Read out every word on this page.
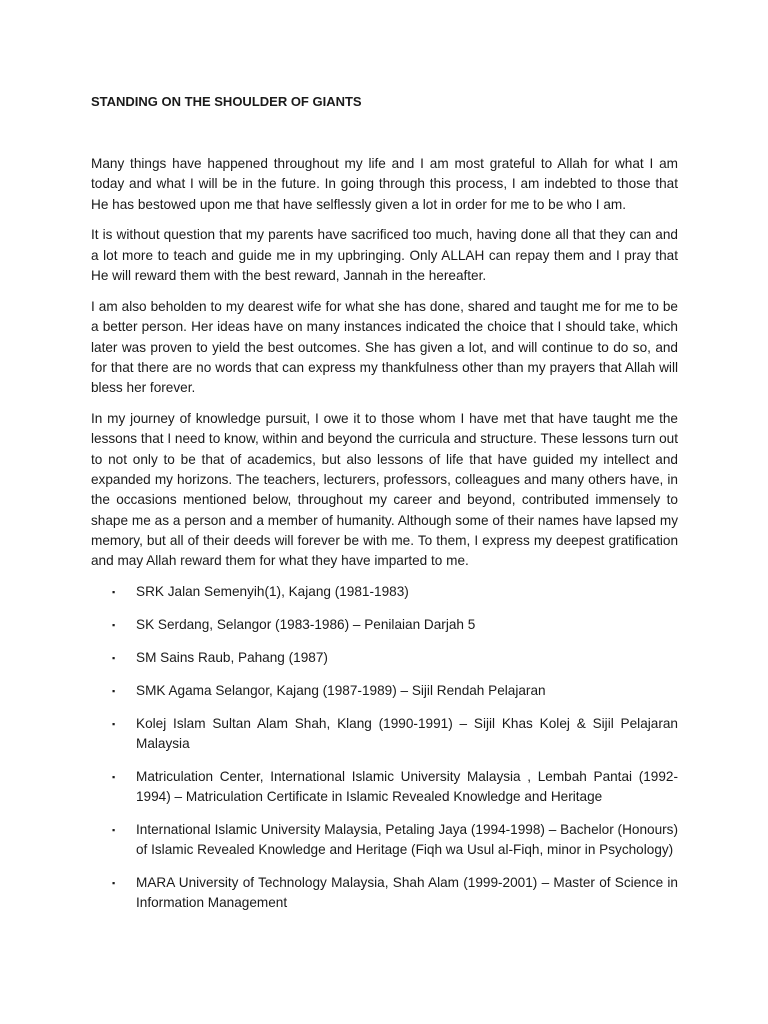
STANDING ON THE SHOULDER OF GIANTS

Many things have happened throughout my life and I am most grateful to Allah for what I am today and what I will be in the future. In going through this process, I am indebted to those that He has bestowed upon me that have selflessly given a lot in order for me to be who I am.

It is without question that my parents have sacrificed too much, having done all that they can and a lot more to teach and guide me in my upbringing. Only ALLAH can repay them and I pray that He will reward them with the best reward, Jannah in the hereafter.

I am also beholden to my dearest wife for what she has done, shared and taught me for me to be a better person. Her ideas have on many instances indicated the choice that I should take, which later was proven to yield the best outcomes. She has given a lot, and will continue to do so, and for that there are no words that can express my thankfulness other than my prayers that Allah will bless her forever.

In my journey of knowledge pursuit, I owe it to those whom I have met that have taught me the lessons that I need to know, within and beyond the curricula and structure. These lessons turn out to not only to be that of academics, but also lessons of life that have guided my intellect and expanded my horizons. The teachers, lecturers, professors, colleagues and many others have, in the occasions mentioned below, throughout my career and beyond, contributed immensely to shape me as a person and a member of humanity. Although some of their names have lapsed my memory, but all of their deeds will forever be with me. To them, I express my deepest gratification and may Allah reward them for what they have imparted to me.

▪ SRK Jalan Semenyih(1), Kajang (1981-1983)
▪ SK Serdang, Selangor (1983-1986) – Penilaian Darjah 5
▪ SM Sains Raub, Pahang (1987)
▪ SMK Agama Selangor, Kajang (1987-1989) – Sijil Rendah Pelajaran
▪ Kolej Islam Sultan Alam Shah, Klang (1990-1991) – Sijil Khas Kolej & Sijil Pelajaran Malaysia
▪ Matriculation Center, International Islamic University Malaysia , Lembah Pantai (1992-1994) – Matriculation Certificate in Islamic Revealed Knowledge and Heritage
▪ International Islamic University Malaysia, Petaling Jaya (1994-1998) – Bachelor (Honours) of Islamic Revealed Knowledge and Heritage (Fiqh wa Usul al-Fiqh, minor in Psychology)
▪ MARA University of Technology Malaysia, Shah Alam (1999-2001) – Master of Science in Information Management
